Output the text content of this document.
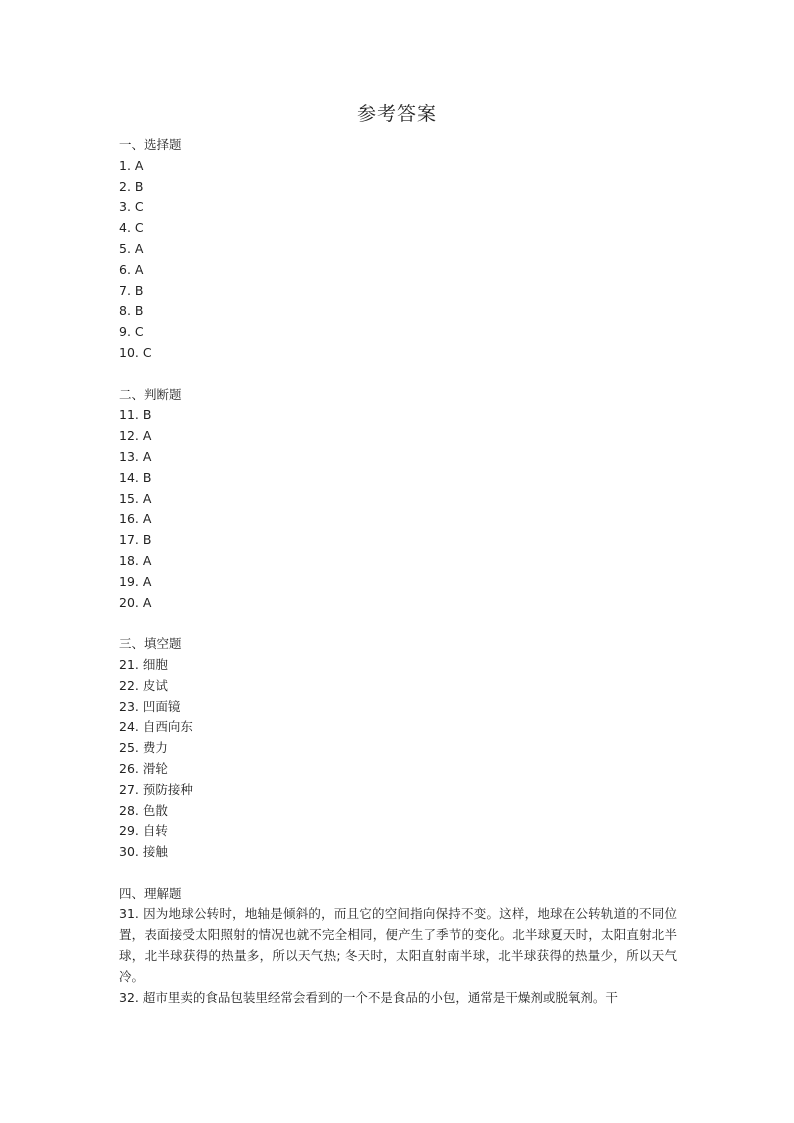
参考答案
一、选择题
1. A
2. B
3. C
4. C
5. A
6. A
7. B
8. B
9. C
10. C
二、判断题
11. B
12. A
13. A
14. B
15. A
16. A
17. B
18. A
19. A
20. A
三、填空题
21. 细胞
22. 皮试
23. 凹面镜
24. 自西向东
25. 费力
26. 滑轮
27. 预防接种
28. 色散
29. 自转
30. 接触
四、理解题
31. 因为地球公转时，地轴是倾斜的，而且它的空间指向保持不变。这样，地球在公转轨道的不同位置，表面接受太阳照射的情况也就不完全相同，便产生了季节的变化。北半球夏天时，太阳直射北半球，北半球获得的热量多，所以天气热; 冬天时，太阳直射南半球，北半球获得的热量少，所以天气冷。
32. 超市里卖的食品包装里经常会看到的一个不是食品的小包，通常是干燥剂或脱氧剂。干
